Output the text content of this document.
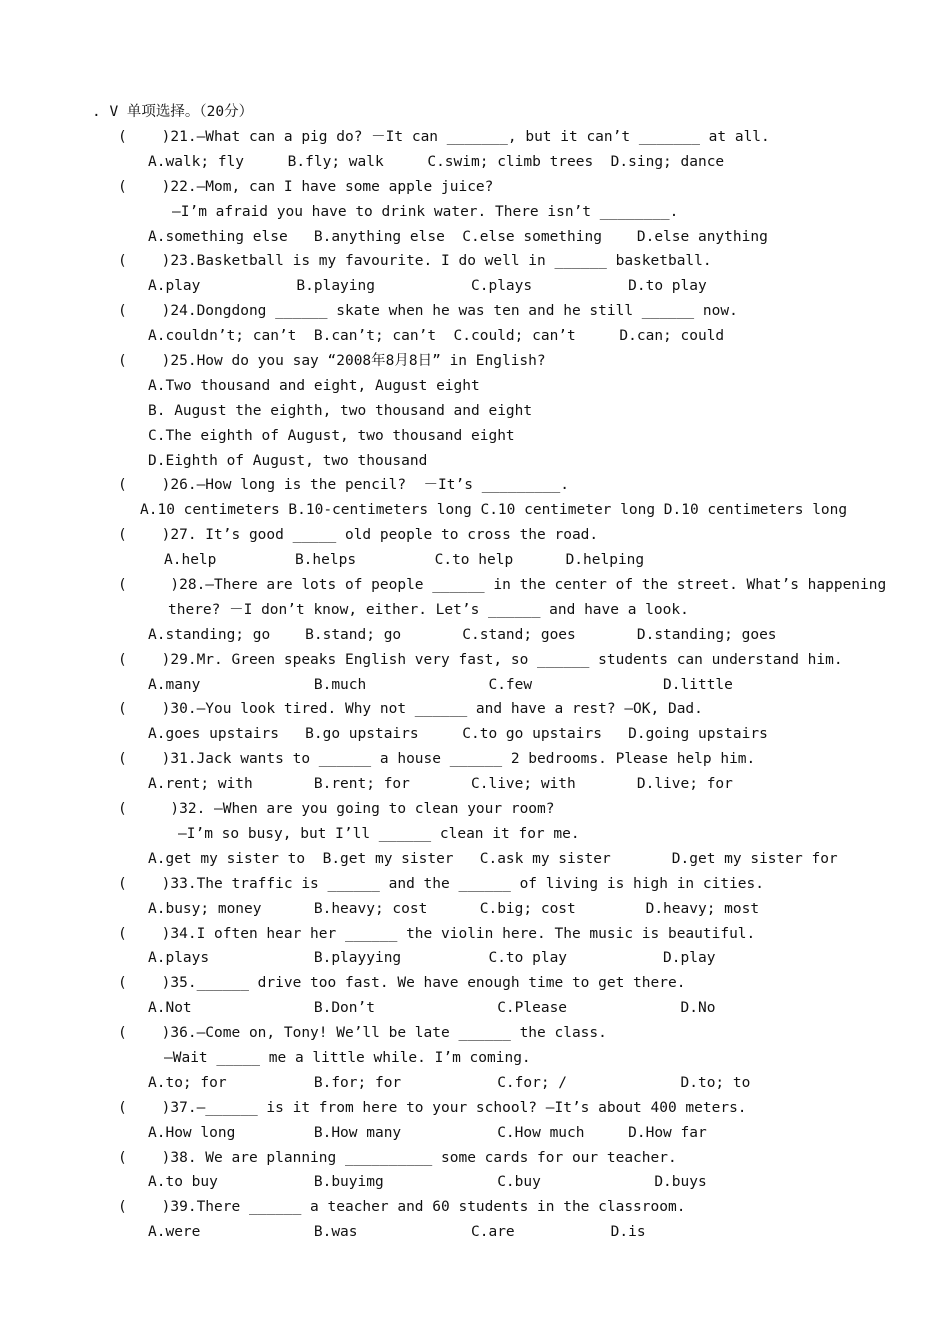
. V 单项选择。（20分）
(    )21.—What can a pig do? －It can _______, but it can’t _______ at all.
A.walk; fly     B.fly; walk     C.swim; climb trees  D.sing; dance
(    )22.—Mom, can I have some apple juice?
—I’m afraid you have to drink water. There isn’t ________.
A.something else   B.anything else  C.else something    D.else anything
(    )23.Basketball is my favourite. I do well in ______ basketball.
A.play           B.playing           C.plays           D.to play
(    )24.Dongdong ______ skate when he was ten and he still ______ now.
A.couldn’t; can’t  B.can’t; can’t  C.could; can’t     D.can; could
(    )25.How do you say “2008年8月8日” in English?
A.Two thousand and eight, August eight
B. August the eighth, two thousand and eight
C.The eighth of August, two thousand eight
D.Eighth of August, two thousand
(    )26.—How long is the pencil?  －It’s _________.
A.10 centimeters B.10-centimeters long C.10 centimeter long D.10 centimeters long
(    )27. It’s good _____ old people to cross the road.
A.help         B.helps         C.to help      D.helping
(     )28.—There are lots of people ______ in the center of the street. What’s happening
there? －I don’t know, either. Let’s ______ and have a look.
A.standing; go    B.stand; go       C.stand; goes       D.standing; goes
(    )29.Mr. Green speaks English very fast, so ______ students can understand him.
A.many             B.much              C.few               D.little
(    )30.—You look tired. Why not ______ and have a rest? —OK, Dad.
A.goes upstairs   B.go upstairs     C.to go upstairs   D.going upstairs
(    )31.Jack wants to ______ a house ______ 2 bedrooms. Please help him.
A.rent; with       B.rent; for       C.live; with       D.live; for
(     )32. —When are you going to clean your room?
—I’m so busy, but I’ll ______ clean it for me.
A.get my sister to  B.get my sister   C.ask my sister       D.get my sister for
(    )33.The traffic is ______ and the ______ of living is high in cities.
A.busy; money      B.heavy; cost      C.big; cost        D.heavy; most
(    )34.I often hear her ______ the violin here. The music is beautiful.
A.plays            B.playying          C.to play           D.play
(    )35.______ drive too fast. We have enough time to get there.
A.Not              B.Don’t              C.Please             D.No
(    )36.—Come on, Tony! We’ll be late ______ the class.
—Wait _____ me a little while. I’m coming.
A.to; for          B.for; for           C.for; /             D.to; to
(    )37.—______ is it from here to your school? —It’s about 400 meters.
A.How long         B.How many           C.How much     D.How far
(    )38. We are planning __________ some cards for our teacher.
A.to buy           B.buyimg             C.buy             D.buys
(    )39.There ______ a teacher and 60 students in the classroom.
A.were             B.was             C.are           D.is
